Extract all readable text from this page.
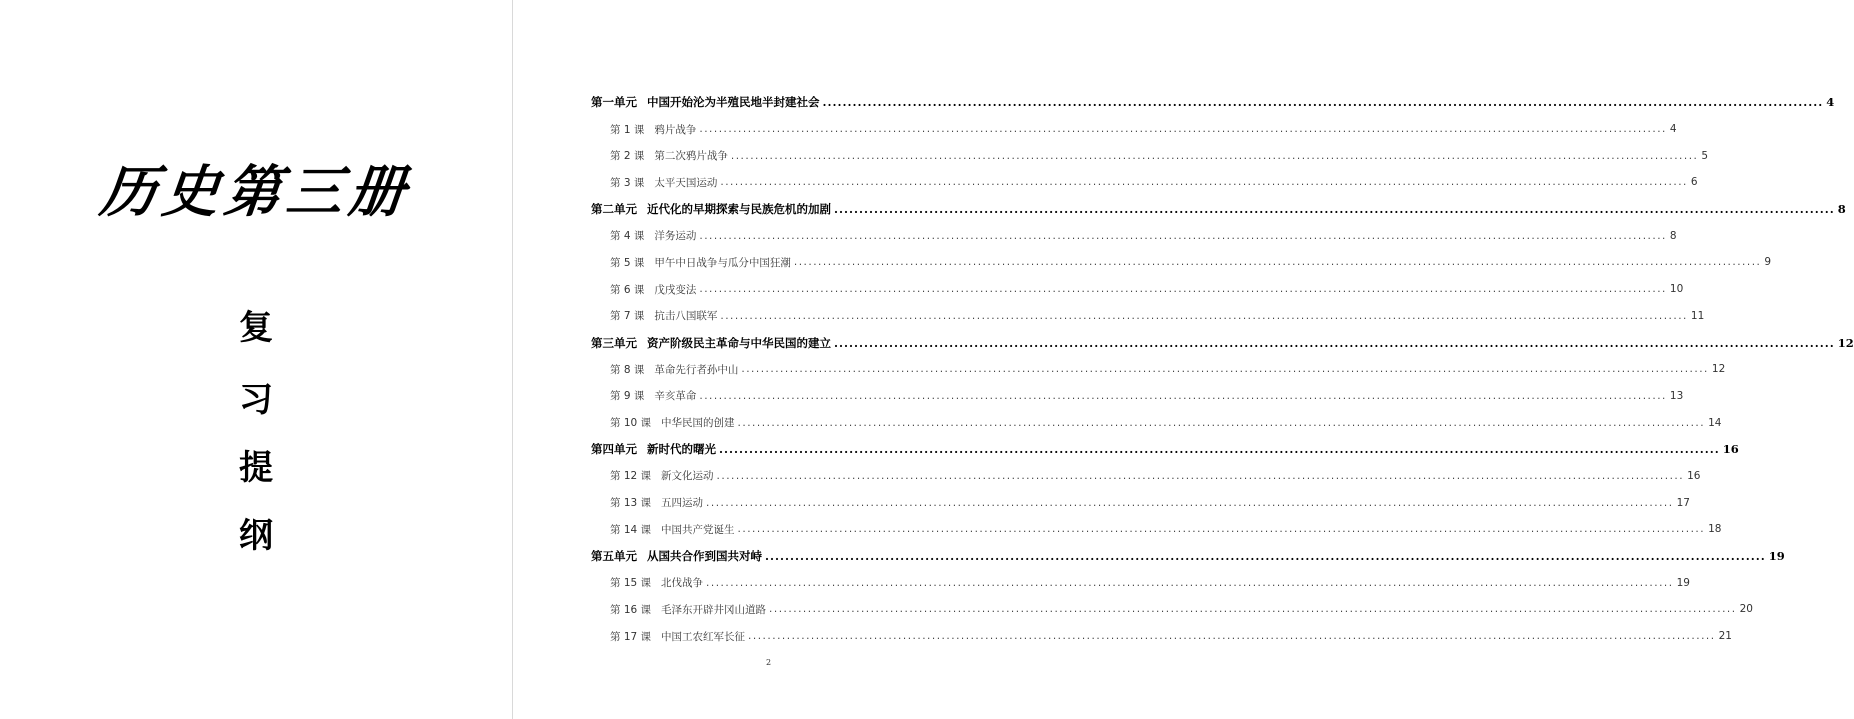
历史第三册
复
习
提
纲
第一单元 中国开始沦为半殖民地半封建社会 ........................................................................................................................................................................................................ 4
第 1 课 鸦片战争 ........................................................................................................................................................................................................ 4
第 2 课 第二次鸦片战争 ........................................................................................................................................................................................................ 5
第 3 课 太平天国运动 ........................................................................................................................................................................................................ 6
第二单元 近代化的早期探索与民族危机的加剧 ........................................................................................................................................................................................................ 8
第 4 课 洋务运动 ........................................................................................................................................................................................................ 8
第 5 课 甲午中日战争与瓜分中国狂潮 ........................................................................................................................................................................................................ 9
第 6 课 戊戌变法 ........................................................................................................................................................................................................ 10
第 7 课 抗击八国联军 ........................................................................................................................................................................................................ 11
第三单元 资产阶级民主革命与中华民国的建立 ........................................................................................................................................................................................................ 12
第 8 课 革命先行者孙中山 ........................................................................................................................................................................................................ 12
第 9 课 辛亥革命 ........................................................................................................................................................................................................ 13
第 10 课 中华民国的创建 ........................................................................................................................................................................................................ 14
第四单元 新时代的曙光 ........................................................................................................................................................................................................ 16
第 12 课 新文化运动 ........................................................................................................................................................................................................ 16
第 13 课 五四运动 ........................................................................................................................................................................................................ 17
第 14 课 中国共产党诞生 ........................................................................................................................................................................................................ 18
第五单元 从国共合作到国共对峙 ........................................................................................................................................................................................................ 19
第 15 课 北伐战争 ........................................................................................................................................................................................................ 19
第 16 课 毛泽东开辟井冈山道路 ........................................................................................................................................................................................................ 20
第 17 课 中国工农红军长征 ........................................................................................................................................................................................................ 21
2
